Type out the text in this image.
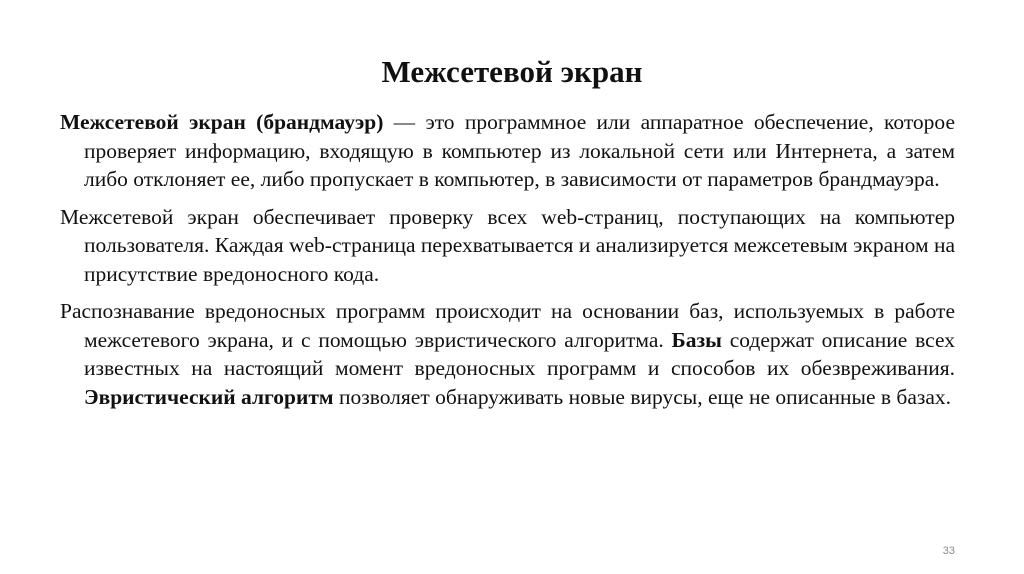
Межсетевой экран

Межсетевой экран (брандмауэр) — это программное или аппаратное обеспечение, которое проверяет информацию, входящую в компьютер из локальной сети или Интернета, а затем либо отклоняет ее, либо пропускает в компьютер, в зависимости от параметров брандмауэра.

Межсетевой экран обеспечивает проверку всех web-страниц, поступающих на компьютер пользователя. Каждая web-страница перехватывается и анализируется межсетевым экраном на присутствие вредоносного кода.

Распознавание вредоносных программ происходит на основании баз, используемых в работе межсетевого экрана, и с помощью эвристического алгоритма. Базы содержат описание всех известных на настоящий момент вредоносных программ и способов их обезвреживания. Эвристический алгоритм позволяет обнаруживать новые вирусы, еще не описанные в базах.

33
